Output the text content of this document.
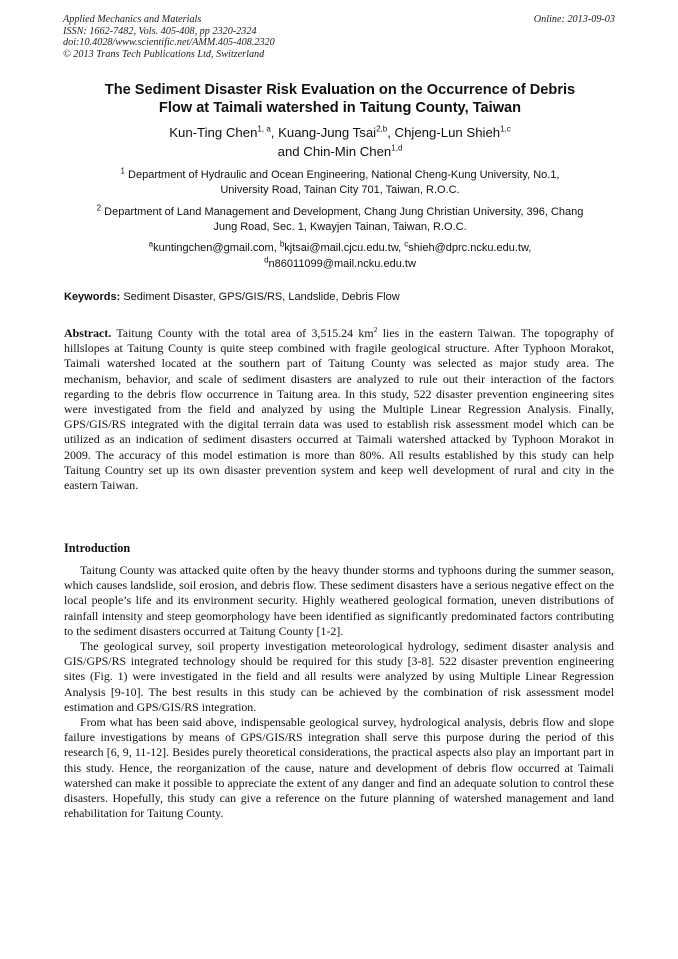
Applied Mechanics and Materials
ISSN: 1662-7482, Vols. 405-408, pp 2320-2324
doi:10.4028/www.scientific.net/AMM.405-408.2320
© 2013 Trans Tech Publications Ltd, Switzerland
Online: 2013-09-03
The Sediment Disaster Risk Evaluation on the Occurrence of Debris
Flow at Taimali watershed in Taitung County, Taiwan
Kun-Ting Chen$^{1, a}$, Kuang-Jung Tsai$^{2,b}$, Chjeng-Lun Shieh$^{1,c}$
and Chin-Min Chen$^{1,d}$
$^1$ Department of Hydraulic and Ocean Engineering, National Cheng-Kung University, No.1,
University Road, Tainan City 701, Taiwan, R.O.C.
$^2$ Department of Land Management and Development, Chang Jung Christian University, 396, Chang
Jung Road, Sec. 1, Kwayjen Tainan, Taiwan, R.O.C.
$^a$kuntingchen@gmail.com, $^b$kjtsai@mail.cjcu.edu.tw, $^c$shieh@dprc.ncku.edu.tw,
$^d$n86011099@mail.ncku.edu.tw
Keywords: Sediment Disaster, GPS/GIS/RS, Landslide, Debris Flow

Abstract. Taitung County with the total area of 3,515.24 $km^2$ lies in the eastern Taiwan. The topography of hillslopes at Taitung County is quite steep combined with fragile geological structure. After Typhoon Morakot, Taimali watershed located at the southern part of Taitung County was selected as major study area. The mechanism, behavior, and scale of sediment disasters are analyzed to rule out their interaction of the factors regarding to the debris flow occurrence in Taitung area. In this study, 522 disaster prevention engineering sites were investigated from the field and analyzed by using the Multiple Linear Regression Analysis. Finally, GPS/GIS/RS integrated with the digital terrain data was used to establish risk assessment model which can be utilized as an indication of sediment disasters occurred at Taimali watershed attacked by Typhoon Morakot in 2009. The accuracy of this model estimation is more than 80%. All results established by this study can help Taitung Country set up its own disaster prevention system and keep well development of rural and city in the eastern Taiwan.

Introduction

Taitung County was attacked quite often by the heavy thunder storms and typhoons during the summer season, which causes landslide, soil erosion, and debris flow. These sediment disasters have a serious negative effect on the local people’s life and its environment security. Highly weathered geological formation, uneven distributions of rainfall intensity and steep geomorphology have been identified as significantly predominated factors contributing to the sediment disasters occurred at Taitung County [1-2].

The geological survey, soil property investigation meteorological hydrology, sediment disaster analysis and GIS/GPS/RS integrated technology should be required for this study [3-8]. 522 disaster prevention engineering sites (Fig. 1) were investigated in the field and all results were analyzed by using Multiple Linear Regression Analysis [9-10]. The best results in this study can be achieved by the combination of risk assessment model estimation and GPS/GIS/RS integration.

From what has been said above, indispensable geological survey, hydrological analysis, debris flow and slope failure investigations by means of GPS/GIS/RS integration shall serve this purpose during the period of this research [6, 9, 11-12]. Besides purely theoretical considerations, the practical aspects also play an important part in this study. Hence, the reorganization of the cause, nature and development of debris flow occurred at Taimali watershed can make it possible to appreciate the extent of any danger and find an adequate solution to control these disasters. Hopefully, this study can give a reference on the future planning of watershed management and land rehabilitation for Taitung County.
